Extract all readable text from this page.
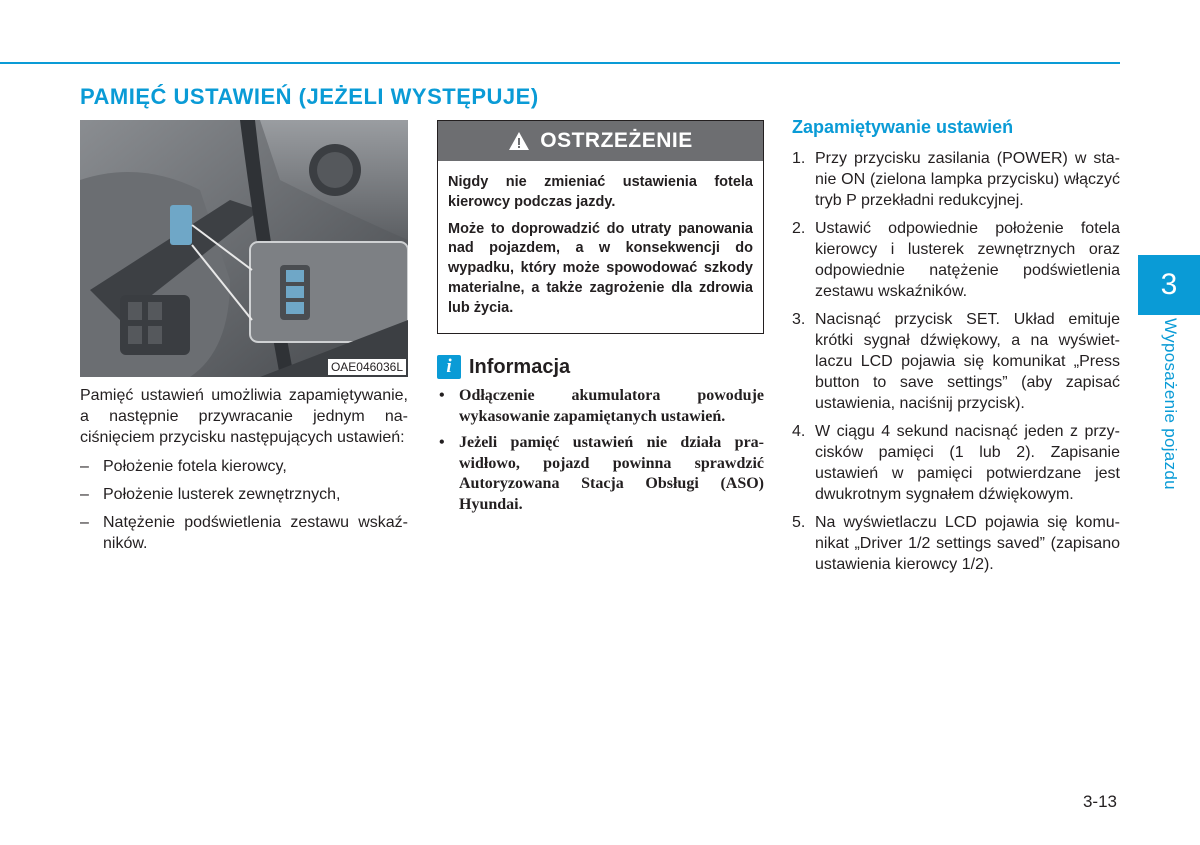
PAMIĘĆ USTAWIEŃ (JEŻELI WYSTĘPUJE)
OAE046036L

Pamięć ustawień umożliwia zapamiętywanie, a następnie przywracanie jednym naciśnięciem przycisku następujących ustawień:

– Położenie fotela kierowcy,
– Położenie lusterek zewnętrznych,
– Natężenie podświetlenia zestawu wskaźników.
OSTRZEŻENIE

Nigdy nie zmieniać ustawienia fotela kierowcy podczas jazdy.

Może to doprowadzić do utraty panowania nad pojazdem, a w konsekwencji do wypadku, który może spowodować szkody materialne, a także zagrożenie dla zdrowia lub życia.

i Informacja
• Odłączenie akumulatora powoduje wykasowanie zapamiętanych ustawień.
• Jeżeli pamięć ustawień nie działa prawidłowo, pojazd powinna sprawdzić Autoryzowana Stacja Obsługi (ASO) Hyundai.
Zapamiętywanie ustawień
1. Przy przycisku zasilania (POWER) w stanie ON (zielona lampka przycisku) włączyć tryb P przekładni redukcyjnej.
2. Ustawić odpowiednie położenie fotela kierowcy i lusterek zewnętrznych oraz odpowiednie natężenie podświetlenia zestawu wskaźników.
3. Nacisnąć przycisk SET. Układ emituje krótki sygnał dźwiękowy, a na wyświetlaczu LCD pojawia się komunikat „Press button to save settings” (aby zapisać ustawienia, naciśnij przycisk).
4. W ciągu 4 sekund nacisnąć jeden z przycisków pamięci (1 lub 2). Zapisanie ustawień w pamięci potwierdzane jest dwukrotnym sygnałem dźwiękowym.
5. Na wyświetlaczu LCD pojawia się komunikat „Driver 1/2 settings saved” (zapisano ustawienia kierowcy 1/2).
3
Wyposażenie pojazdu
3-13
